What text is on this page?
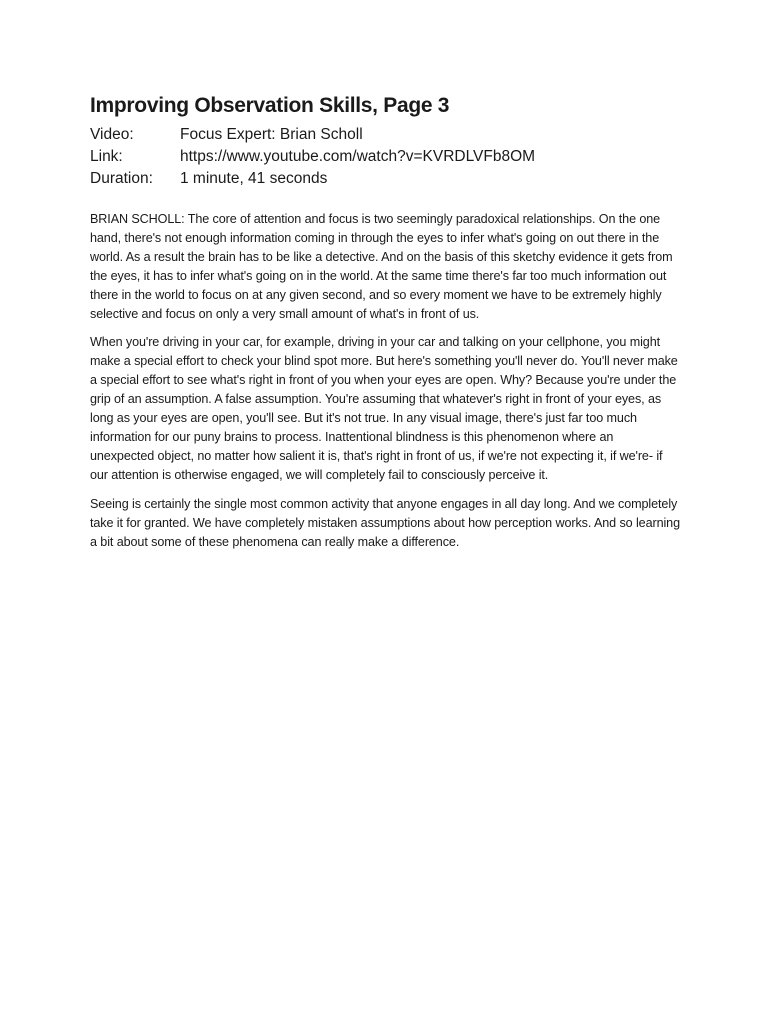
Improving Observation Skills, Page 3
Video:	Focus Expert: Brian Scholl
Link:	https://www.youtube.com/watch?v=KVRDLVFb8OM
Duration:	1 minute, 41 seconds

BRIAN SCHOLL: The core of attention and focus is two seemingly paradoxical relationships. On the one hand, there's not enough information coming in through the eyes to infer what's going on out there in the world. As a result the brain has to be like a detective. And on the basis of this sketchy evidence it gets from the eyes, it has to infer what's going on in the world. At the same time there's far too much information out there in the world to focus on at any given second, and so every moment we have to be extremely highly selective and focus on only a very small amount of what's in front of us.

When you're driving in your car, for example, driving in your car and talking on your cellphone, you might make a special effort to check your blind spot more. But here's something you'll never do. You'll never make a special effort to see what's right in front of you when your eyes are open. Why? Because you're under the grip of an assumption. A false assumption. You're assuming that whatever's right in front of your eyes, as long as your eyes are open, you'll see. But it's not true. In any visual image, there's just far too much information for our puny brains to process. Inattentional blindness is this phenomenon where an unexpected object, no matter how salient it is, that's right in front of us, if we're not expecting it, if we're- if our attention is otherwise engaged, we will completely fail to consciously perceive it.

Seeing is certainly the single most common activity that anyone engages in all day long. And we completely take it for granted. We have completely mistaken assumptions about how perception works. And so learning a bit about some of these phenomena can really make a difference.
